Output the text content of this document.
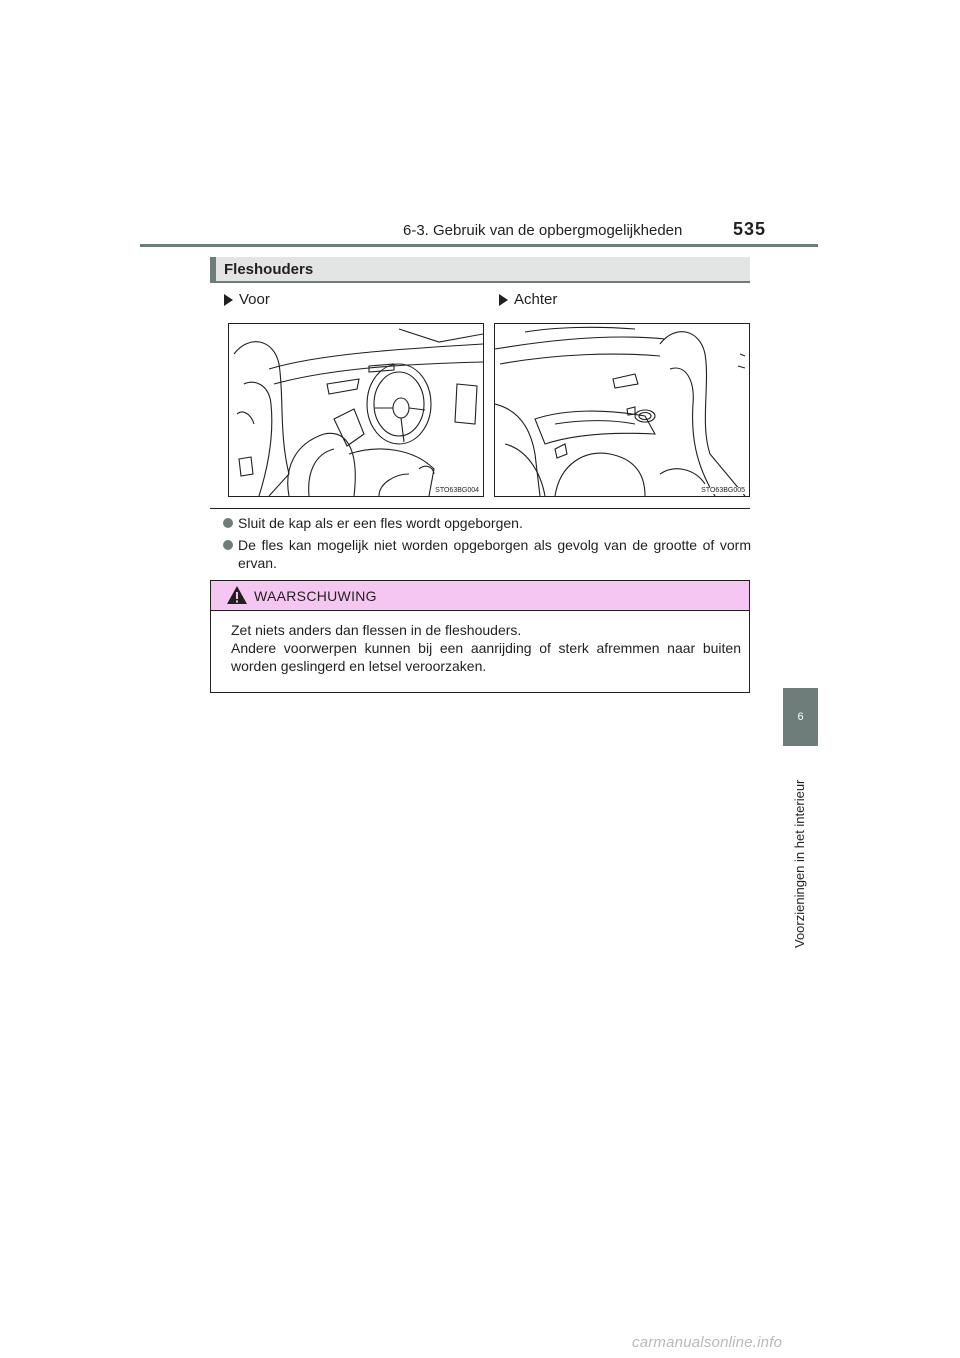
6-3. Gebruik van de opbergmogelijkheden	535
6
Voorzieningen in het interieur
Fleshouders
Voor	Achter
STO63BG004	STO63BG005
Sluit de kap als er een fles wordt opgeborgen.
De fles kan mogelijk niet worden opgeborgen als gevolg van de grootte of vorm ervan.
WAARSCHUWING
Zet niets anders dan flessen in de fleshouders.
Andere voorwerpen kunnen bij een aanrijding of sterk afremmen naar buiten worden geslingerd en letsel veroorzaken.
carmanualsonline.info
